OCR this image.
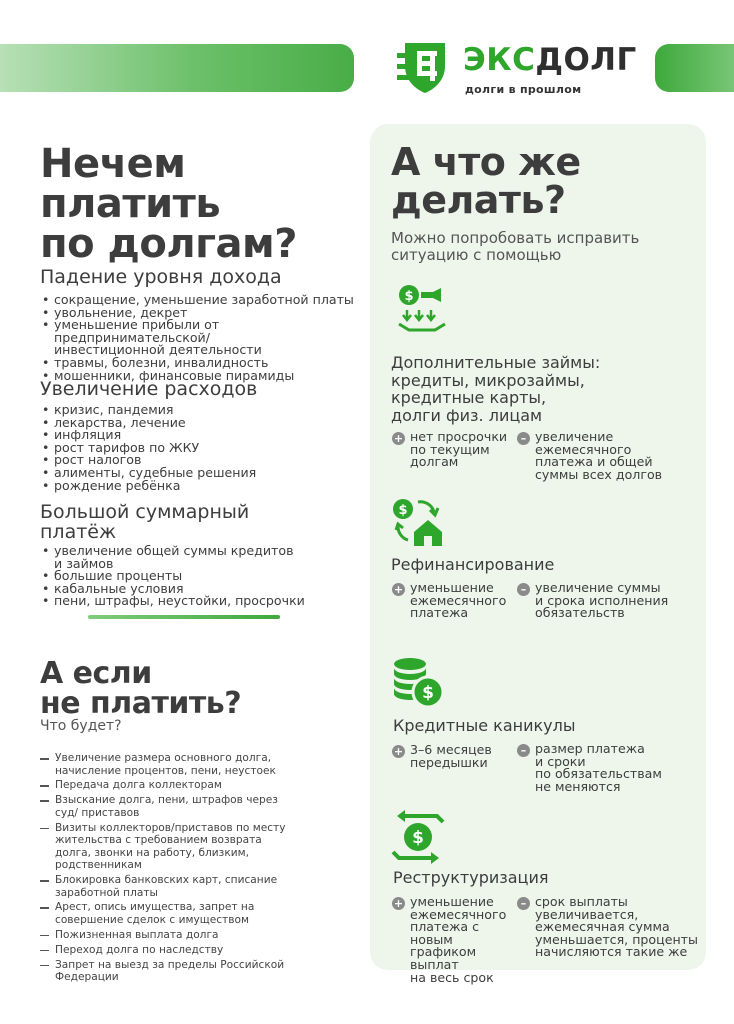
ЭКСДОЛГ
долги в прошлом
Нечем
платить
по долгам?
Падение уровня дохода
• сокращение, уменьшение заработной платы
• увольнение, декрет
• уменьшение прибыли от
предпринимательской/
инвестиционной деятельности
• травмы, болезни, инвалидность
• мошенники, финансовые пирамиды
Увеличение расходов
• кризис, пандемия
• лекарства, лечение
• инфляция
• рост тарифов по ЖКУ
• рост налогов
• алименты, судебные решения
• рождение ребёнка
Большой суммарный
платёж
• увеличение общей суммы кредитов
и займов
• большие проценты
• кабальные условия
• пени, штрафы, неустойки, просрочки
А если
не платить?
Что будет?
Увеличение размера основного долга, начисление процентов, пени, неустоек
Передача долга коллекторам
Взыскание долга, пени, штрафов через суд/ приставов
Визиты коллекторов/приставов по месту жительства с требованием возврата долга, звонки на работу, близким, родственникам
Блокировка банковских карт, списание заработной платы
Арест, опись имущества, запрет на совершение сделок с имуществом
Пожизненная выплата долга
Переход долга по наследству
Запрет на выезд за пределы Российской Федерации
А что же
делать?
Можно попробовать исправить
ситуацию с помощью
$
Дополнительные займы:
кредиты, микрозаймы,
кредитные карты,
долги физ. лицам
+ нет просрочки
по текущим
долгам
– увеличение
ежемесячного
платежа и общей
суммы всех долгов
$
Рефинансирование
+ уменьшение
ежемесячного
платежа
– увеличение суммы
и срока исполнения
обязательств
$
Кредитные каникулы
+ 3–6 месяцев
передышки
– размер платежа
и сроки
по обязательствам
не меняются
$
Реструктуризация
+ уменьшение
ежемесячного
платежа с новым
графиком выплат
на весь срок
– срок выплаты
увеличивается,
ежемесячная сумма
уменьшается, проценты
начисляются такие же
